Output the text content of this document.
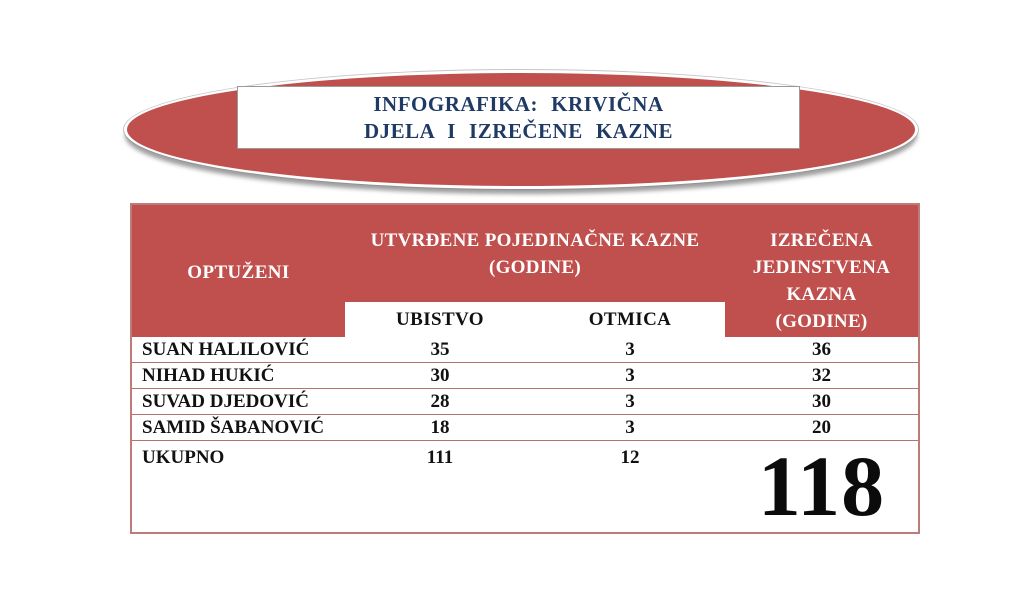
INFOGRAFIKA: KRIVIČNA
DJELA I IZREČENE KAZNE
OPTUŽENI
UTVRĐENE POJEDINAČNE KAZNE
(GODINE)
IZREČENA
JEDINSTVENA
KAZNA
(GODINE)
UBISTVO	OTMICA
SUAN HALILOVIĆ	35	3	36
NIHAD HUKIĆ	30	3	32
SUVAD DJEDOVIĆ	28	3	30
SAMID ŠABANOVIĆ	18	3	20
UKUPNO	111	12	118
